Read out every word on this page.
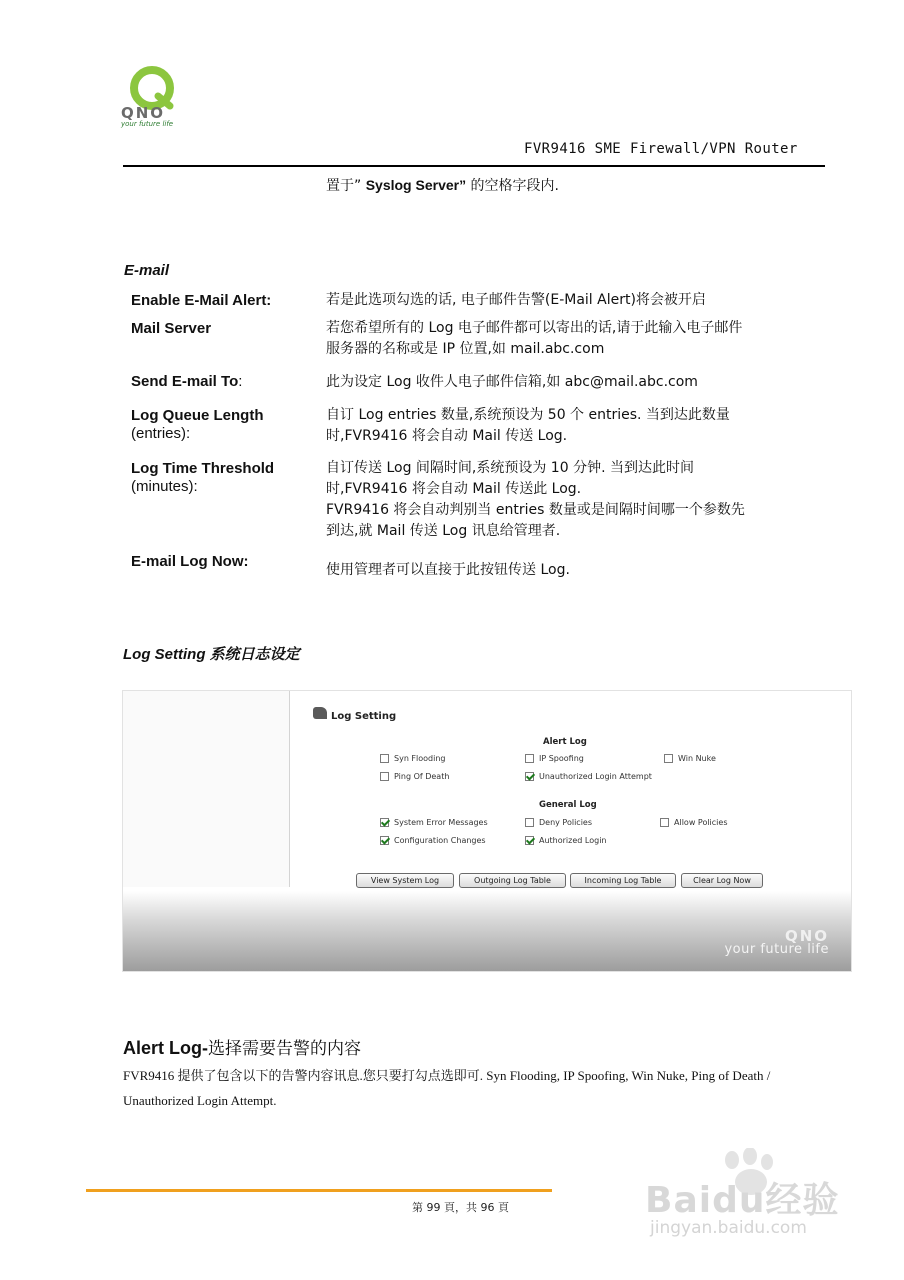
QNO
your future life
FVR9416 SME Firewall/VPN Router
置于” Syslog Server” 的空格字段内.
E-mail
Enable E-Mail Alert:	若是此选项勾选的话, 电子邮件告警(E-Mail Alert)将会被开启
Mail Server	若您希望所有的 Log 电子邮件都可以寄出的话,请于此输入电子邮件
服务器的名称或是 IP 位置,如 mail.abc.com
Send E-mail To:	此为设定 Log 收件人电子邮件信箱,如 abc@mail.abc.com
Log Queue Length
(entries):
自订 Log entries 数量,系统预设为 50 个 entries. 当到达此数量
时,FVR9416 将会自动 Mail 传送 Log.
Log Time Threshold
(minutes):
自订传送 Log 间隔时间,系统预设为 10 分钟. 当到达此时间
时,FVR9416 将会自动 Mail 传送此 Log.
FVR9416 将会自动判别当 entries 数量或是间隔时间哪一个参数先
到达,就 Mail 传送 Log 讯息给管理者.
E-mail Log Now:	使用管理者可以直接于此按钮传送 Log.
Log Setting 系统日志设定
Log Setting
Alert Log
Syn Flooding	IP Spoofing	Win Nuke
Ping Of Death	Unauthorized Login Attempt
General Log
System Error Messages	Deny Policies	Allow Policies
Configuration Changes	Authorized Login
View System Log	Outgoing Log Table	Incoming Log Table	Clear Log Now
QNO
your future life
Alert Log-选择需要告警的内容
FVR9416 提供了包含以下的告警内容讯息.您只要打勾点选即可. Syn Flooding, IP Spoofing, Win Nuke, Ping of Death /
Unauthorized Login Attempt.
第 99 頁，共 96 頁	Baidu经验
jingyan.baidu.com
